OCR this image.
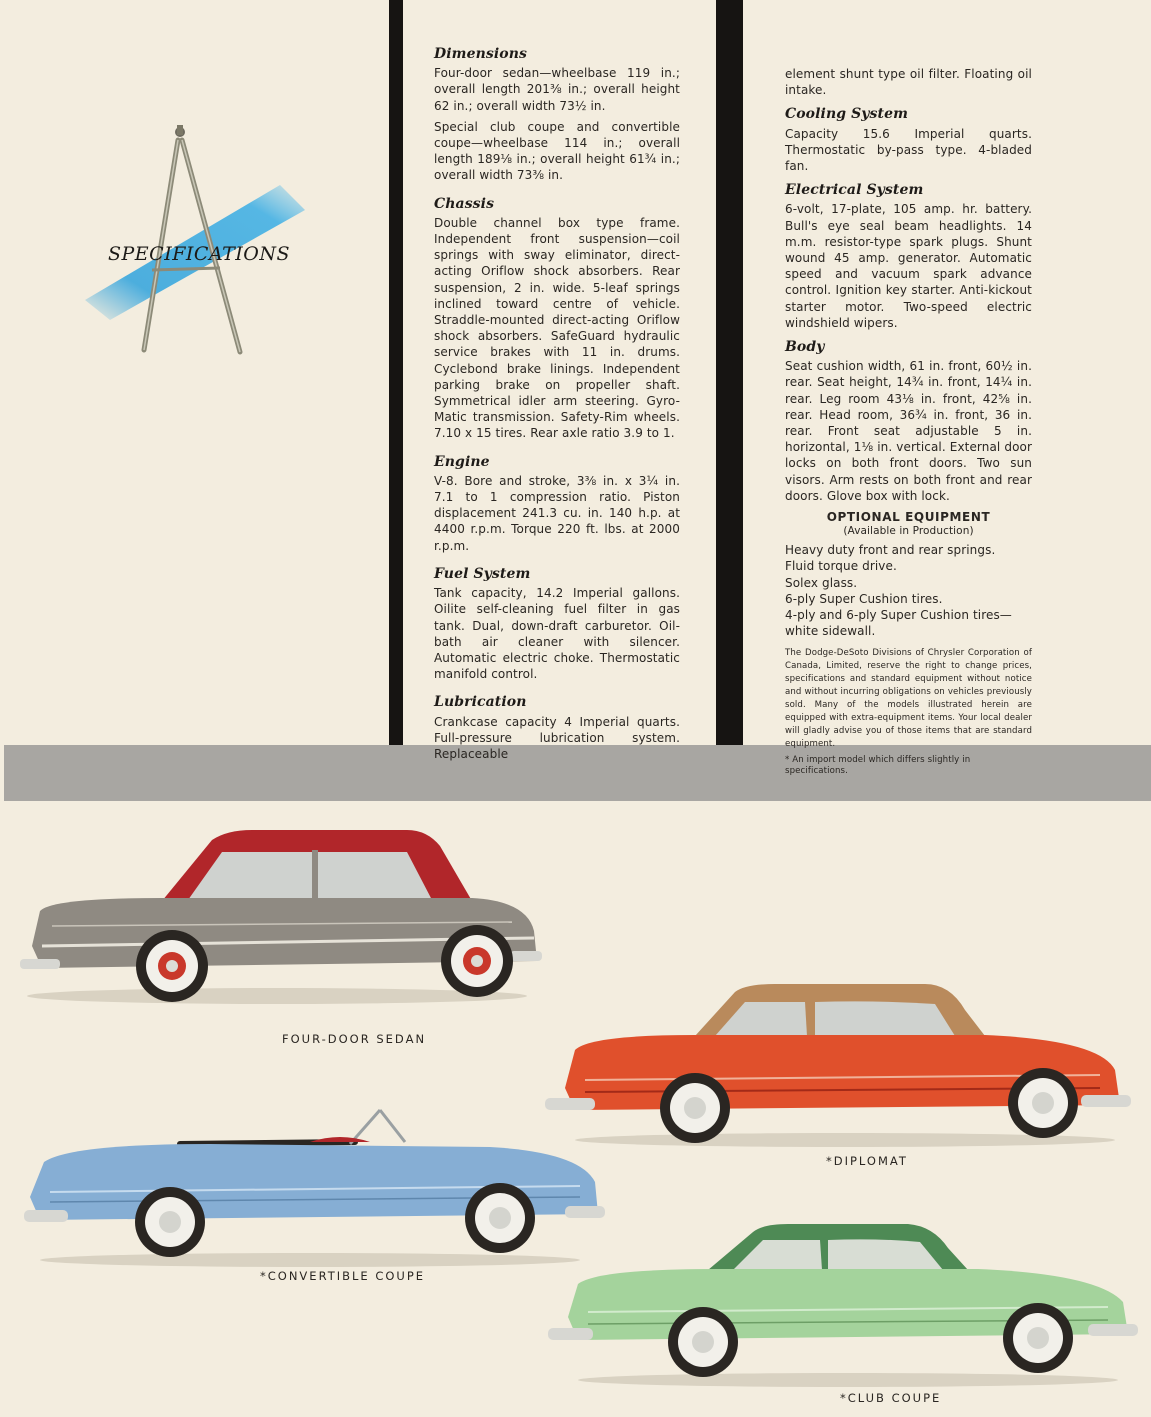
SPECIFICATIONS
Dimensions

Four-door sedan—wheelbase 119 in.; overall length 201⅜ in.; overall height 62 in.; overall width 73½ in.

Special club coupe and convertible coupe—wheelbase 114 in.; overall length 189⅛ in.; overall height 61¾ in.; overall width 73⅜ in.

Chassis

Double channel box type frame. Independent front suspension—coil springs with sway eliminator, direct-acting Oriflow shock absorbers. Rear suspension, 2 in. wide. 5-leaf springs inclined toward centre of vehicle. Straddle-mounted direct-acting Oriflow shock absorbers. SafeGuard hydraulic service brakes with 11 in. drums. Cyclebond brake linings. Independent parking brake on propeller shaft. Symmetrical idler arm steering. Gyro-Matic transmission. Safety-Rim wheels. 7.10 x 15 tires. Rear axle ratio 3.9 to 1.

Engine

V-8. Bore and stroke, 3⅜ in. x 3¼ in. 7.1 to 1 compression ratio. Piston displacement 241.3 cu. in. 140 h.p. at 4400 r.p.m. Torque 220 ft. lbs. at 2000 r.p.m.

Fuel System

Tank capacity, 14.2 Imperial gallons. Oilite self-cleaning fuel filter in gas tank. Dual, down-draft carburetor. Oil-bath air cleaner with silencer. Automatic electric choke. Thermostatic manifold control.

Lubrication

Crankcase capacity 4 Imperial quarts. Full-pressure lubrication system. Replaceable

element shunt type oil filter. Floating oil intake.

Cooling System

Capacity 15.6 Imperial quarts. Thermostatic by-pass type. 4-bladed fan.

Electrical System

6-volt, 17-plate, 105 amp. hr. battery. Bull's eye seal beam headlights. 14 m.m. resistor-type spark plugs. Shunt wound 45 amp. generator. Automatic speed and vacuum spark advance control. Ignition key starter. Anti-kickout starter motor. Two-speed electric windshield wipers.

Body

Seat cushion width, 61 in. front, 60½ in. rear. Seat height, 14¾ in. front, 14¼ in. rear. Leg room 43⅛ in. front, 42⅝ in. rear. Head room, 36¾ in. front, 36 in. rear. Front seat adjustable 5 in. horizontal, 1⅛ in. vertical. External door locks on both front doors. Two sun visors. Arm rests on both front and rear doors. Glove box with lock.

OPTIONAL EQUIPMENT
(Available in Production)
Heavy duty front and rear springs.
Fluid torque drive.
Solex glass.
6-ply Super Cushion tires.
4-ply and 6-ply Super Cushion tires—white sidewall.
The Dodge-DeSoto Divisions of Chrysler Corporation of Canada, Limited, reserve the right to change prices, specifications and standard equipment without notice and without incurring obligations on vehicles previously sold. Many of the models illustrated herein are equipped with extra-equipment items. Your local dealer will gladly advise you of those items that are standard equipment.
* An import model which differs slightly in specifications.
FOUR-DOOR SEDAN
*DIPLOMAT
*CONVERTIBLE COUPE
*CLUB COUPE
